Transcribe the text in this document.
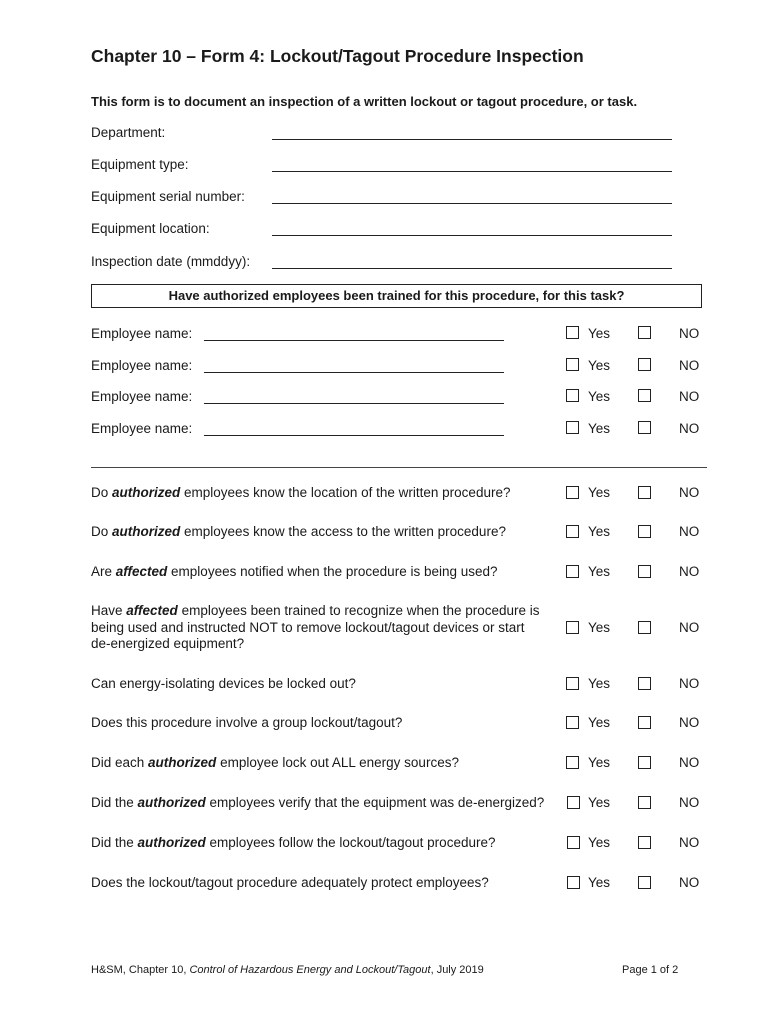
Chapter 10 – Form 4: Lockout/Tagout Procedure Inspection
This form is to document an inspection of a written lockout or tagout procedure, or task.
Department:
Equipment type:
Equipment serial number:
Equipment location:
Inspection date (mmddyy):
Have authorized employees been trained for this procedure, for this task?
Employee name:	Yes	NO
Employee name:	Yes	NO
Employee name:	Yes	NO
Employee name:	Yes	NO
Do authorized employees know the location of the written procedure?	Yes	NO
Do authorized employees know the access to the written procedure?	Yes	NO
Are affected employees notified when the procedure is being used?	Yes	NO
Have affected employees been trained to recognize when the procedure is being used and instructed NOT to remove lockout/tagout devices or start de-energized equipment?
Yes	NO
Can energy-isolating devices be locked out?	Yes	NO
Does this procedure involve a group lockout/tagout?	Yes	NO
Did each authorized employee lock out ALL energy sources?	Yes	NO
Did the authorized employees verify that the equipment was de-energized?	Yes	NO
Did the authorized employees follow the lockout/tagout procedure?	Yes	NO
Does the lockout/tagout procedure adequately protect employees?	Yes	NO
H&SM, Chapter 10, Control of Hazardous Energy and Lockout/Tagout, July 2019	Page 1 of 2
